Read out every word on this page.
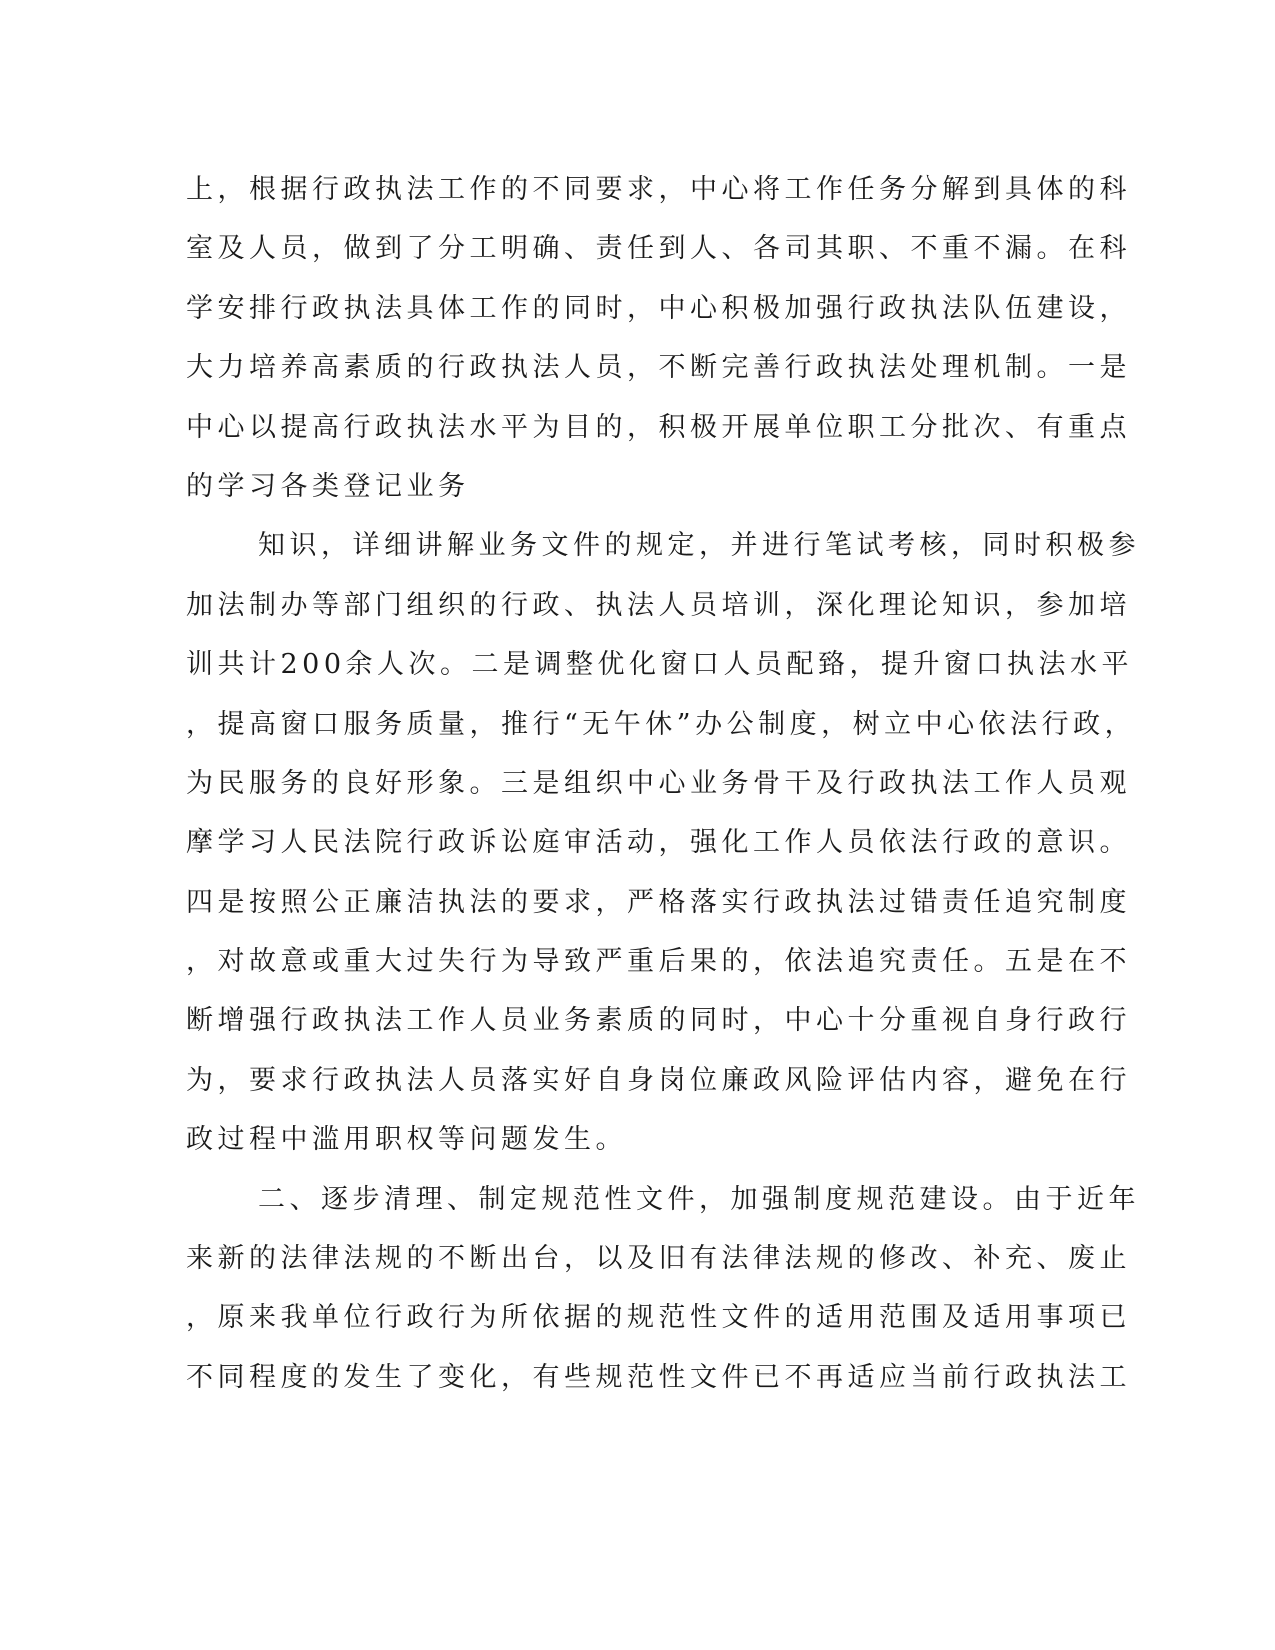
上，根据行政执法工作的不同要求，中心将工作任务分解到具体的科
室及人员，做到了分工明确、责任到人、各司其职、不重不漏。在科
学安排行政执法具体工作的同时，中心积极加强行政执法队伍建设，
大力培养高素质的行政执法人员，不断完善行政执法处理机制。一是
中心以提高行政执法水平为目的，积极开展单位职工分批次、有重点
的学习各类登记业务
知识，详细讲解业务文件的规定，并进行笔试考核，同时积极参
加法制办等部门组织的行政、执法人员培训，深化理论知识，参加培
训共计200余人次。二是调整优化窗口人员配臵，提升窗口执法水平
，提高窗口服务质量，推行“无午休”办公制度，树立中心依法行政，
为民服务的良好形象。三是组织中心业务骨干及行政执法工作人员观
摩学习人民法院行政诉讼庭审活动，强化工作人员依法行政的意识。
四是按照公正廉洁执法的要求，严格落实行政执法过错责任追究制度
，对故意或重大过失行为导致严重后果的，依法追究责任。五是在不
断增强行政执法工作人员业务素质的同时，中心十分重视自身行政行
为，要求行政执法人员落实好自身岗位廉政风险评估内容，避免在行
政过程中滥用职权等问题发生。
二、逐步清理、制定规范性文件，加强制度规范建设。由于近年
来新的法律法规的不断出台，以及旧有法律法规的修改、补充、废止
，原来我单位行政行为所依据的规范性文件的适用范围及适用事项已
不同程度的发生了变化，有些规范性文件已不再适应当前行政执法工
